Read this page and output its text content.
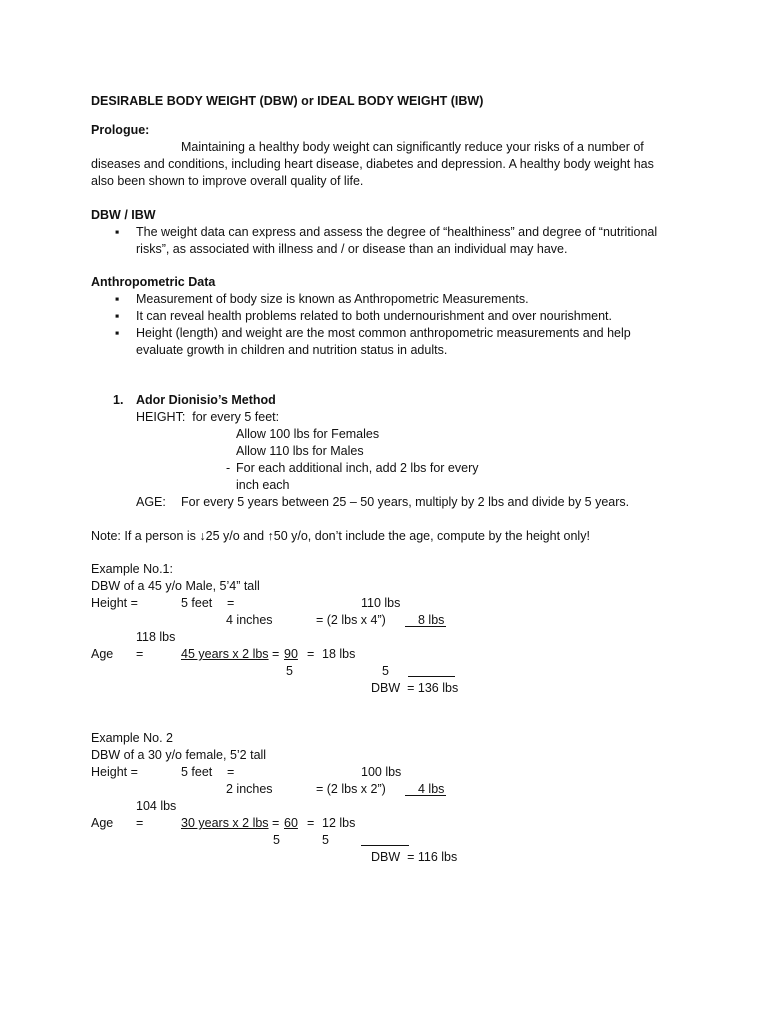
DESIRABLE BODY WEIGHT (DBW) or IDEAL BODY WEIGHT (IBW)
Prologue:
Maintaining a healthy body weight can significantly reduce your risks of a number of
diseases and conditions, including heart disease, diabetes and depression. A healthy body weight has
also been shown to improve overall quality of life.
DBW / IBW
▪ The weight data can express and assess the degree of “healthiness” and degree of “nutritional
risks”, as associated with illness and / or disease than an individual may have.
Anthropometric Data
▪ Measurement of body size is known as Anthropometric Measurements.
▪ It can reveal health problems related to both undernourishment and over nourishment.
▪ Height (length) and weight are the most common anthropometric measurements and help
evaluate growth in children and nutrition status in adults.
1. Ador Dionisio’s Method
HEIGHT:  for every 5 feet:
Allow 100 lbs for Females
Allow 110 lbs for Males
- For each additional inch, add 2 lbs for every
inch each
AGE: For every 5 years between 25 – 50 years, multiply by 2 lbs and divide by 5 years.
Note: If a person is ↓25 y/o and ↑50 y/o, don’t include the age, compute by the height only!
Example No.1:
DBW of a 45 y/o Male, 5’4” tall
Height =	5 feet =	110 lbs
4 inches	= (2 lbs x 4”)	8 lbs
118 lbs
Age =	45 years x 2 lbs = 90 = 18 lbs
5	5
DBW  = 136 lbs
Example No. 2
DBW of a 30 y/o female, 5’2 tall
Height =	5 feet =	100 lbs
2 inches	= (2 lbs x 2”)	4 lbs
104 lbs
Age =	30 years x 2 lbs = 60 = 12 lbs
5	5
DBW  = 116 lbs
